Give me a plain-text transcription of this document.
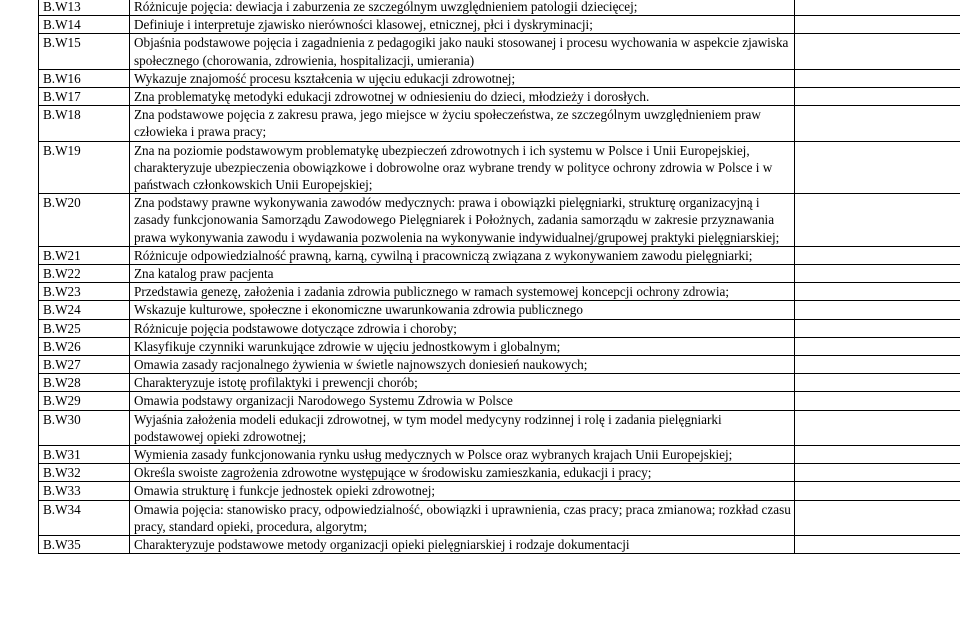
B.W13	Różnicuje pojęcia: dewiacja i zaburzenia ze szczególnym uwzględnieniem patologii dziecięcej;	
B.W14	Definiuje i interpretuje zjawisko nierówności klasowej, etnicznej, płci i dyskryminacji;	
B.W15	Objaśnia podstawowe pojęcia i zagadnienia z pedagogiki jako nauki stosowanej i procesu wychowania w aspekcie zjawiska społecznego (chorowania, zdrowienia, hospitalizacji, umierania)	
B.W16	Wykazuje znajomość procesu kształcenia w ujęciu edukacji zdrowotnej;	
B.W17	Zna problematykę metodyki edukacji zdrowotnej w odniesieniu do dzieci, młodzieży i dorosłych.	
B.W18	Zna podstawowe pojęcia z zakresu prawa, jego miejsce w życiu społeczeństwa, ze szczególnym uwzględnieniem praw człowieka i prawa pracy;	
B.W19	Zna na poziomie podstawowym problematykę ubezpieczeń zdrowotnych i ich systemu w Polsce i Unii Europejskiej, charakteryzuje ubezpieczenia obowiązkowe i dobrowolne oraz wybrane trendy w polityce ochrony zdrowia w Polsce i w państwach członkowskich Unii Europejskiej;	
B.W20	Zna podstawy prawne wykonywania zawodów medycznych: prawa i obowiązki pielęgniarki, strukturę organizacyjną i zasady funkcjonowania Samorządu Zawodowego Pielęgniarek i Położnych, zadania samorządu w zakresie przyznawania prawa wykonywania zawodu i wydawania pozwolenia na wykonywanie indywidualnej/grupowej praktyki pielęgniarskiej;	
B.W21	Różnicuje odpowiedzialność prawną, karną, cywilną i pracowniczą związana z wykonywaniem zawodu pielęgniarki;	
B.W22	Zna katalog praw pacjenta	
B.W23	Przedstawia genezę, założenia i zadania zdrowia publicznego w ramach systemowej koncepcji ochrony zdrowia;	
B.W24	Wskazuje kulturowe, społeczne i ekonomiczne uwarunkowania zdrowia publicznego	
B.W25	Różnicuje pojęcia podstawowe dotyczące zdrowia i choroby;	
B.W26	Klasyfikuje czynniki warunkujące zdrowie w ujęciu jednostkowym i globalnym;	
B.W27	Omawia zasady racjonalnego żywienia w świetle najnowszych doniesień naukowych;	
B.W28	Charakteryzuje istotę profilaktyki i prewencji chorób;	
B.W29	Omawia podstawy organizacji Narodowego Systemu Zdrowia w Polsce	
B.W30	Wyjaśnia założenia modeli edukacji zdrowotnej, w tym model medycyny rodzinnej i rolę i zadania pielęgniarki podstawowej opieki zdrowotnej;	
B.W31	Wymienia zasady funkcjonowania rynku usług medycznych w Polsce oraz wybranych krajach Unii Europejskiej;	
B.W32	Określa swoiste zagrożenia zdrowotne występujące w środowisku zamieszkania, edukacji i pracy;	
B.W33	Omawia strukturę i funkcje jednostek opieki zdrowotnej;	
B.W34	Omawia pojęcia: stanowisko pracy, odpowiedzialność, obowiązki i uprawnienia, czas pracy; praca zmianowa; rozkład czasu pracy, standard opieki, procedura, algorytm;	
B.W35	Charakteryzuje podstawowe metody organizacji opieki pielęgniarskiej i rodzaje dokumentacji	
